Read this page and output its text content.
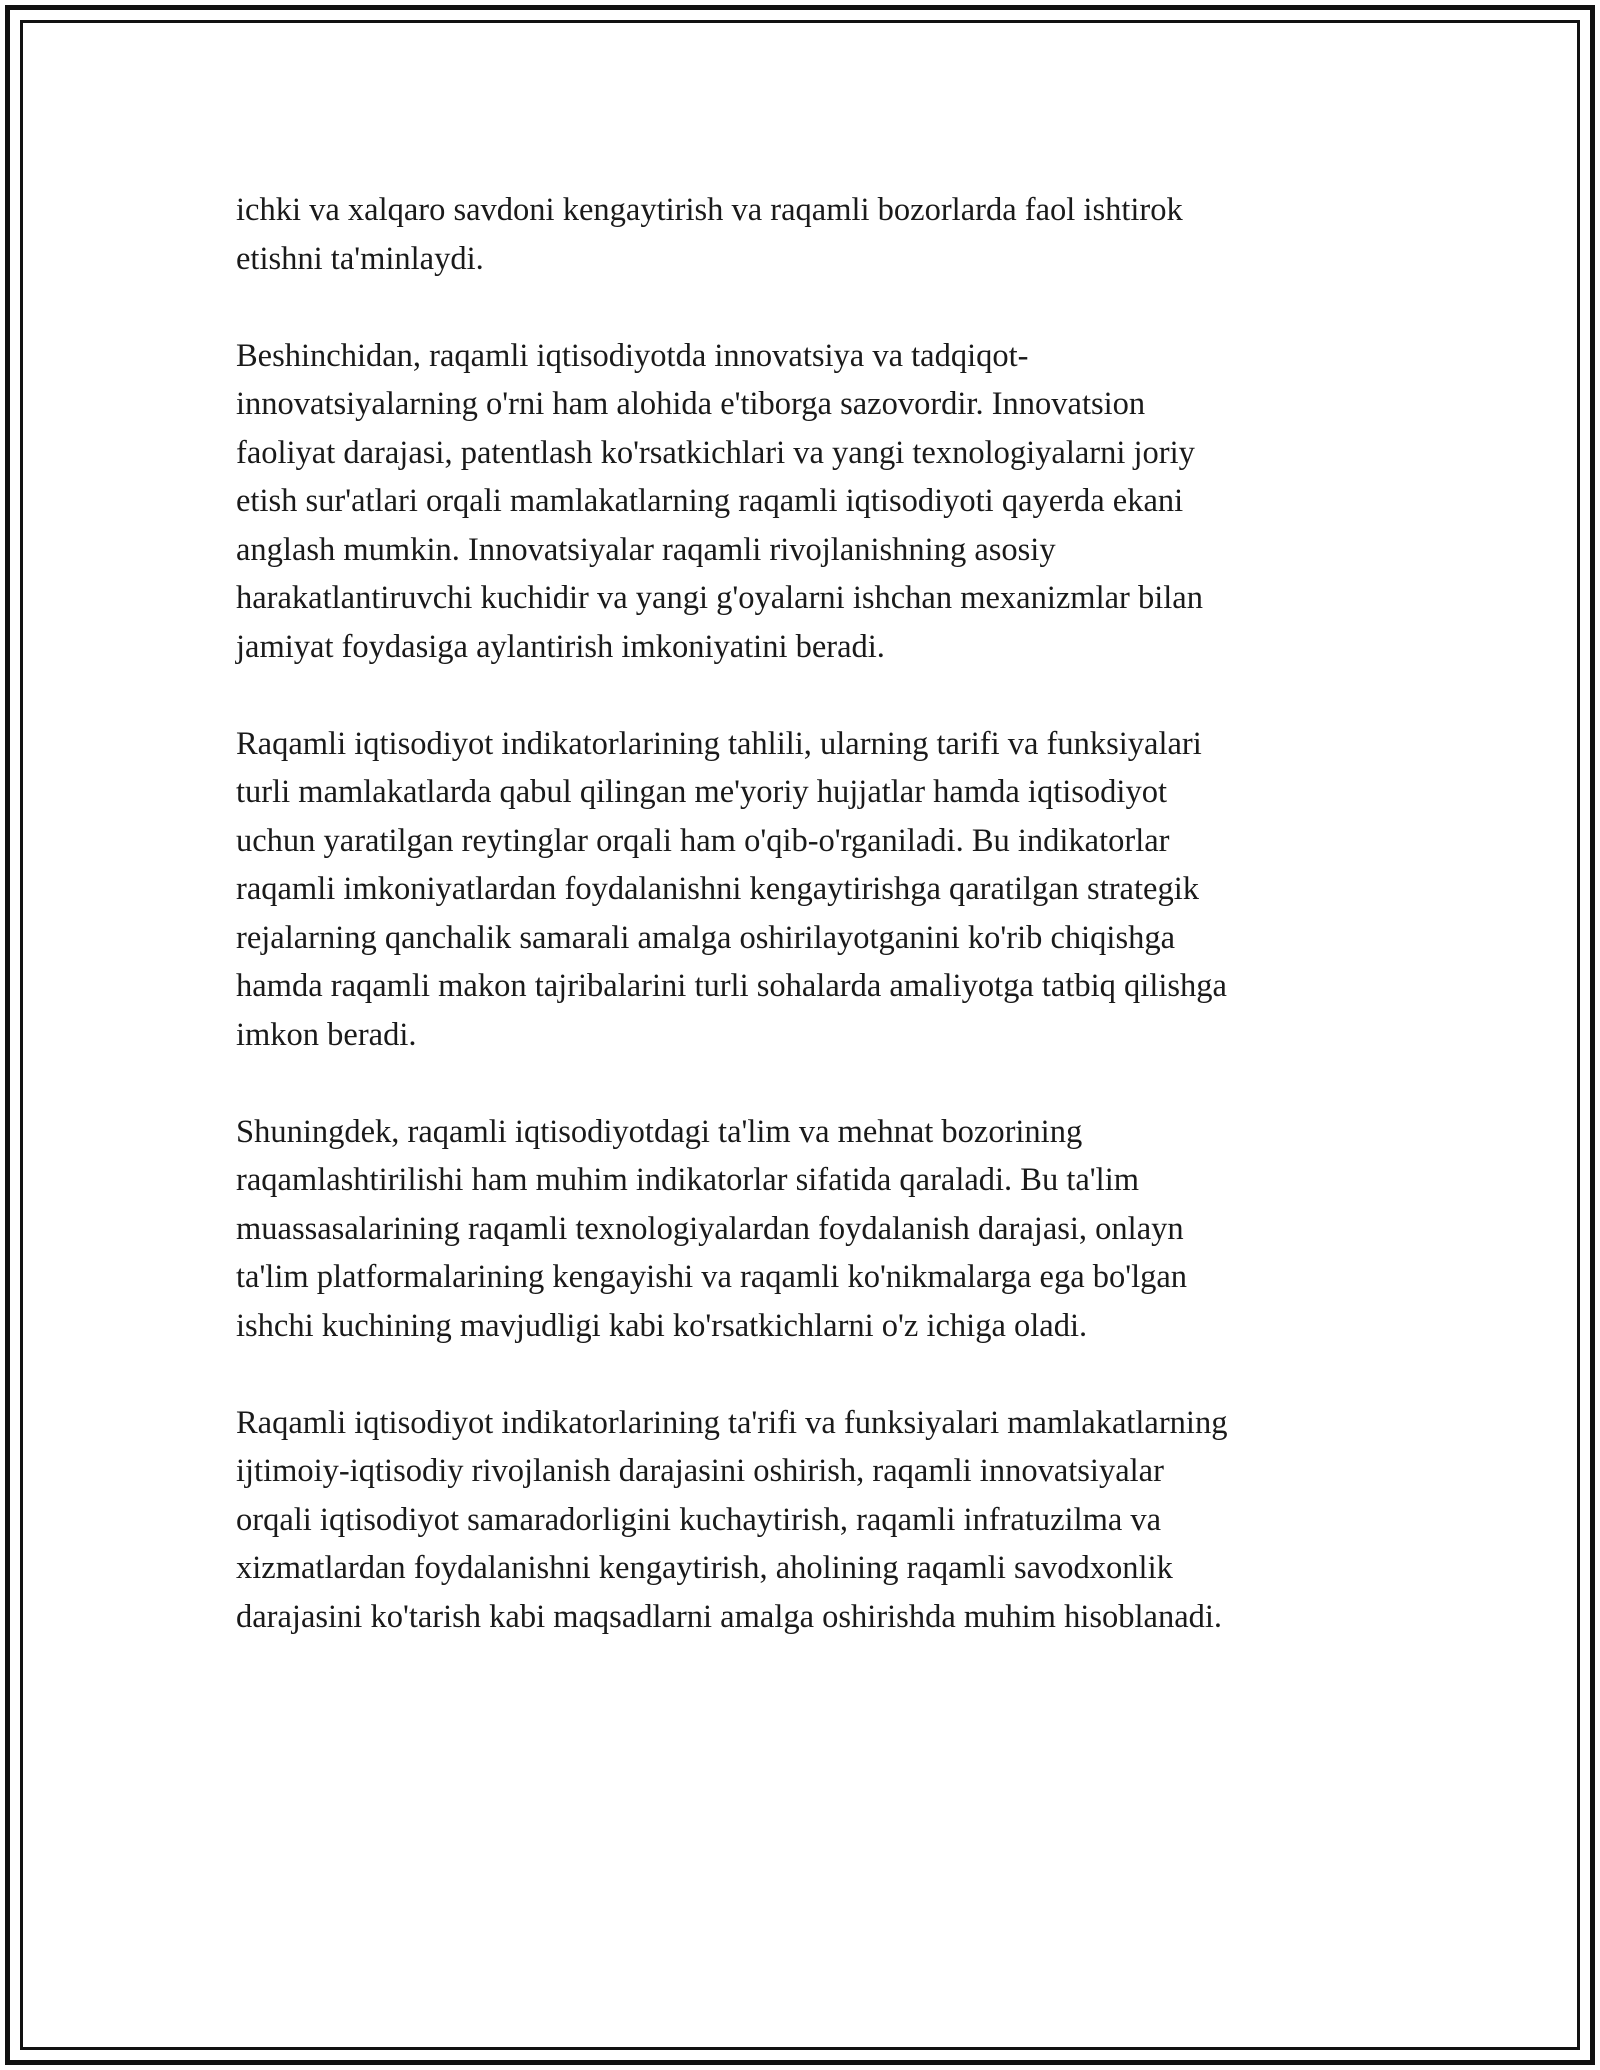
ichki va xalqaro savdoni kengaytirish va raqamli bozorlarda faol ishtirok
etishni ta'minlaydi.

Beshinchidan, raqamli iqtisodiyotda innovatsiya va tadqiqot-
innovatsiyalarning o'rni ham alohida e'tiborga sazovordir. Innovatsion
faoliyat darajasi, patentlash ko'rsatkichlari va yangi texnologiyalarni joriy
etish sur'atlari orqali mamlakatlarning raqamli iqtisodiyoti qayerda ekani
anglash mumkin. Innovatsiyalar raqamli rivojlanishning asosiy
harakatlantiruvchi kuchidir va yangi g'oyalarni ishchan mexanizmlar bilan
jamiyat foydasiga aylantirish imkoniyatini beradi.

Raqamli iqtisodiyot indikatorlarining tahlili, ularning tarifi va funksiyalari
turli mamlakatlarda qabul qilingan me'yoriy hujjatlar hamda iqtisodiyot
uchun yaratilgan reytinglar orqali ham o'qib-o'rganiladi. Bu indikatorlar
raqamli imkoniyatlardan foydalanishni kengaytirishga qaratilgan strategik
rejalarning qanchalik samarali amalga oshirilayotganini ko'rib chiqishga
hamda raqamli makon tajribalarini turli sohalarda amaliyotga tatbiq qilishga
imkon beradi.

Shuningdek, raqamli iqtisodiyotdagi ta'lim va mehnat bozorining
raqamlashtirilishi ham muhim indikatorlar sifatida qaraladi. Bu ta'lim
muassasalarining raqamli texnologiyalardan foydalanish darajasi, onlayn
ta'lim platformalarining kengayishi va raqamli ko'nikmalarga ega bo'lgan
ishchi kuchining mavjudligi kabi ko'rsatkichlarni o'z ichiga oladi.

Raqamli iqtisodiyot indikatorlarining ta'rifi va funksiyalari mamlakatlarning
ijtimoiy-iqtisodiy rivojlanish darajasini oshirish, raqamli innovatsiyalar
orqali iqtisodiyot samaradorligini kuchaytirish, raqamli infratuzilma va
xizmatlardan foydalanishni kengaytirish, aholining raqamli savodxonlik
darajasini ko'tarish kabi maqsadlarni amalga oshirishda muhim hisoblanadi.
